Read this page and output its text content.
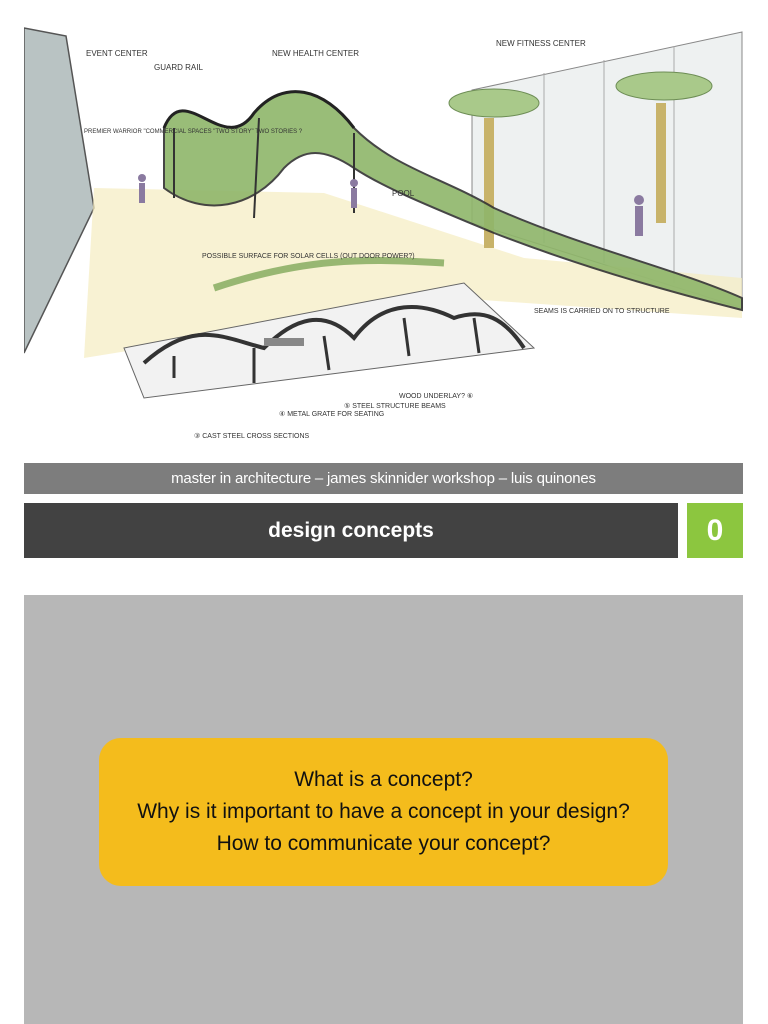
EVENT CENTER
GUARD RAIL
NEW HEALTH CENTER
NEW FITNESS CENTER
PREMIER WARRIOR "COMMERCIAL SPACES "TWO STORY" TWO STORIES ?
POOL
POSSIBLE SURFACE FOR SOLAR CELLS (OUT DOOR POWER?)
SEAMS IS CARRIED ON TO STRUCTURE
③ CAST STEEL CROSS SECTIONS
④ METAL GRATE FOR SEATING
⑤ STEEL STRUCTURE BEAMS
WOOD UNDERLAY? ⑥
master in architecture – james skinnider workshop – luis quinones
design concepts	0
What is a concept?
Why is it important to have a concept in your design?
How to communicate your concept?
